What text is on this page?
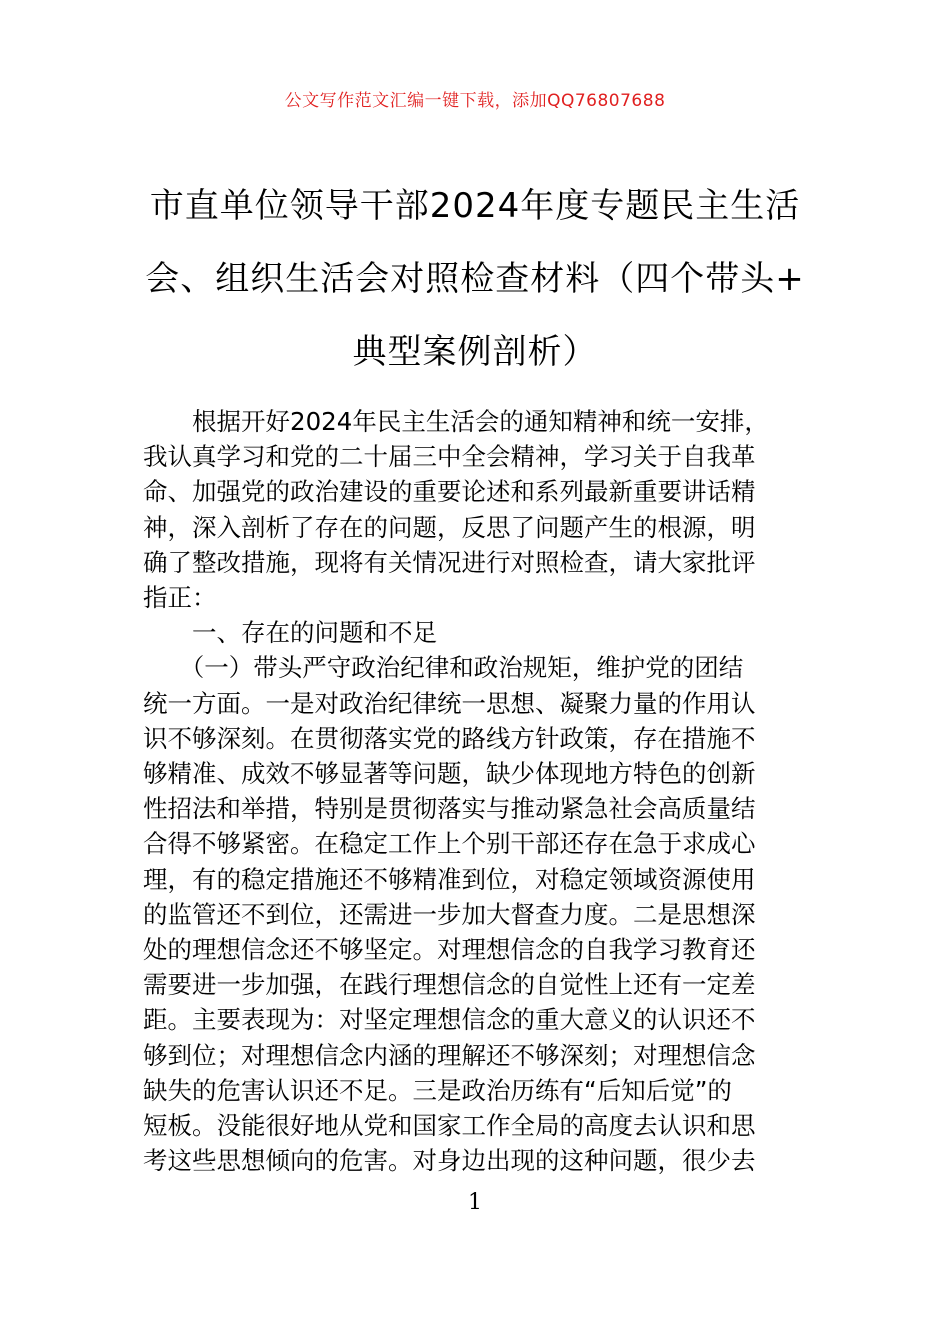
公文写作范文汇编一键下载，添加QQ76807688
市直单位领导干部2024年度专题民主生活
会、组织生活会对照检查材料（四个带头+
典型案例剖析）
　　根据开好2024年民主生活会的通知精神和统一安排，
我认真学习和党的二十届三中全会精神，学习关于自我革
命、加强党的政治建设的重要论述和系列最新重要讲话精
神，深入剖析了存在的问题，反思了问题产生的根源，明
确了整改措施，现将有关情况进行对照检查，请大家批评
指正：
　　一、存在的问题和不足
　　（一）带头严守政治纪律和政治规矩，维护党的团结
统一方面。一是对政治纪律统一思想、凝聚力量的作用认
识不够深刻。在贯彻落实党的路线方针政策，存在措施不
够精准、成效不够显著等问题，缺少体现地方特色的创新
性招法和举措，特别是贯彻落实与推动紧急社会高质量结
合得不够紧密。在稳定工作上个别干部还存在急于求成心
理，有的稳定措施还不够精准到位，对稳定领域资源使用
的监管还不到位，还需进一步加大督查力度。二是思想深
处的理想信念还不够坚定。对理想信念的自我学习教育还
需要进一步加强，在践行理想信念的自觉性上还有一定差
距。主要表现为：对坚定理想信念的重大意义的认识还不
够到位；对理想信念内涵的理解还不够深刻；对理想信念
缺失的危害认识还不足。三是政治历练有“后知后觉”的
短板。没能很好地从党和国家工作全局的高度去认识和思
考这些思想倾向的危害。对身边出现的这种问题，很少去
1
